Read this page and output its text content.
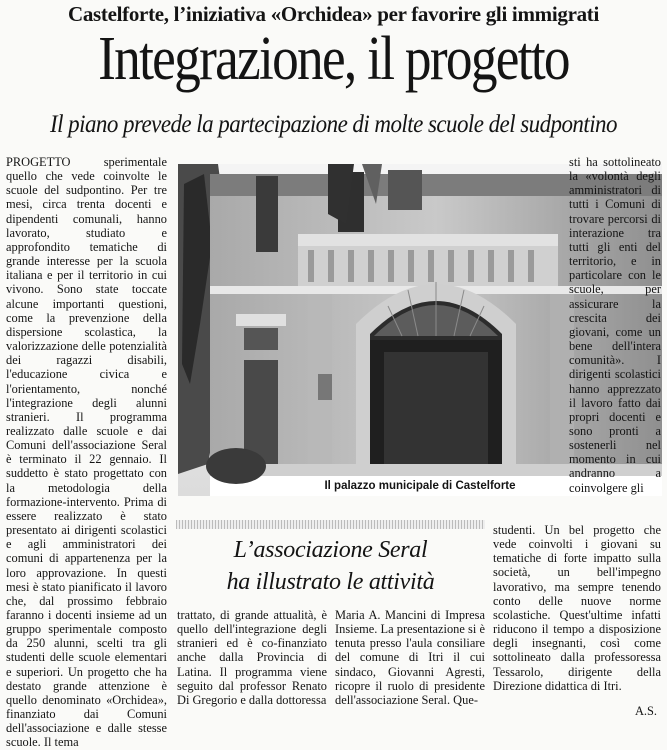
Castelforte, l’iniziativa «Orchidea» per favorire gli immigrati
Integrazione, il progetto
Il piano prevede la partecipazione di molte scuole del sudpontino

PROGETTO sperimentale quello che vede coinvolte le scuole del sudpontino. Per tre mesi, circa trenta docenti e dipendenti comunali, hanno lavorato, studiato e approfondito tematiche di grande interesse per la scuola italiana e per il territorio in cui vivono. Sono state toccate alcune importanti questioni, come la prevenzione della dispersione scolastica, la valorizzazione delle potenzialità dei ragazzi disabili, l'educazione civica e l'orientamento, nonché l'integrazione degli alunni stranieri. Il programma realizzato dalle scuole e dai Comuni dell'associazione Seral è terminato il 22 gennaio. Il suddetto è stato progettato con la metodologia della formazione-intervento. Prima di essere realizzato è stato presentato ai dirigenti scolastici e agli amministratori dei comuni di appartenenza per la loro approvazione. In questi mesi è stato pianificato il lavoro che, dal prossimo febbraio faranno i docenti insieme ad un gruppo sperimentale composto da 250 alunni, scelti tra gli studenti delle scuole elementari e superiori. Un progetto che ha destato grande attenzione è quello denominato «Orchidea», finanziato dai Comuni dell'associazione e dalle stesse scuole. Il tema

Il palazzo municipale di Castelforte

sti ha sottolineato la «volontà degli amministratori di tutti i Comuni di trovare percorsi di interazione tra tutti gli enti del territorio, e in particolare con le scuole, per assicurare la crescita dei giovani, come un bene dell'intera comunità». I dirigenti scolastici hanno apprezzato il lavoro fatto dai propri docenti e sono pronti a sostenerli nel momento in cui andranno a coinvolgere gli

L’associazione Seral
ha illustrato le attività

trattato, di grande attualità, è quello dell'integrazione degli stranieri ed è co-finanziato anche dalla Provincia di Latina. Il programma viene seguito dal professor Renato Di Gregorio e dalla dottoressa

Maria A. Mancini di Impresa Insieme. La presentazione si è tenuta presso l'aula consiliare del comune di Itri il cui sindaco, Giovanni Agresti, ricopre il ruolo di presidente dell'associazione Seral. Que-

studenti. Un bel progetto che vede coinvolti i giovani su tematiche di forte impatto sulla società, un bell'impegno lavorativo, ma sempre tenendo conto delle nuove norme scolastiche. Quest'ultime infatti riducono il tempo a disposizione degli insegnanti, così come sottolineato dalla professoressa Tessarolo, dirigente della Direzione didattica di Itri.

A.S.
